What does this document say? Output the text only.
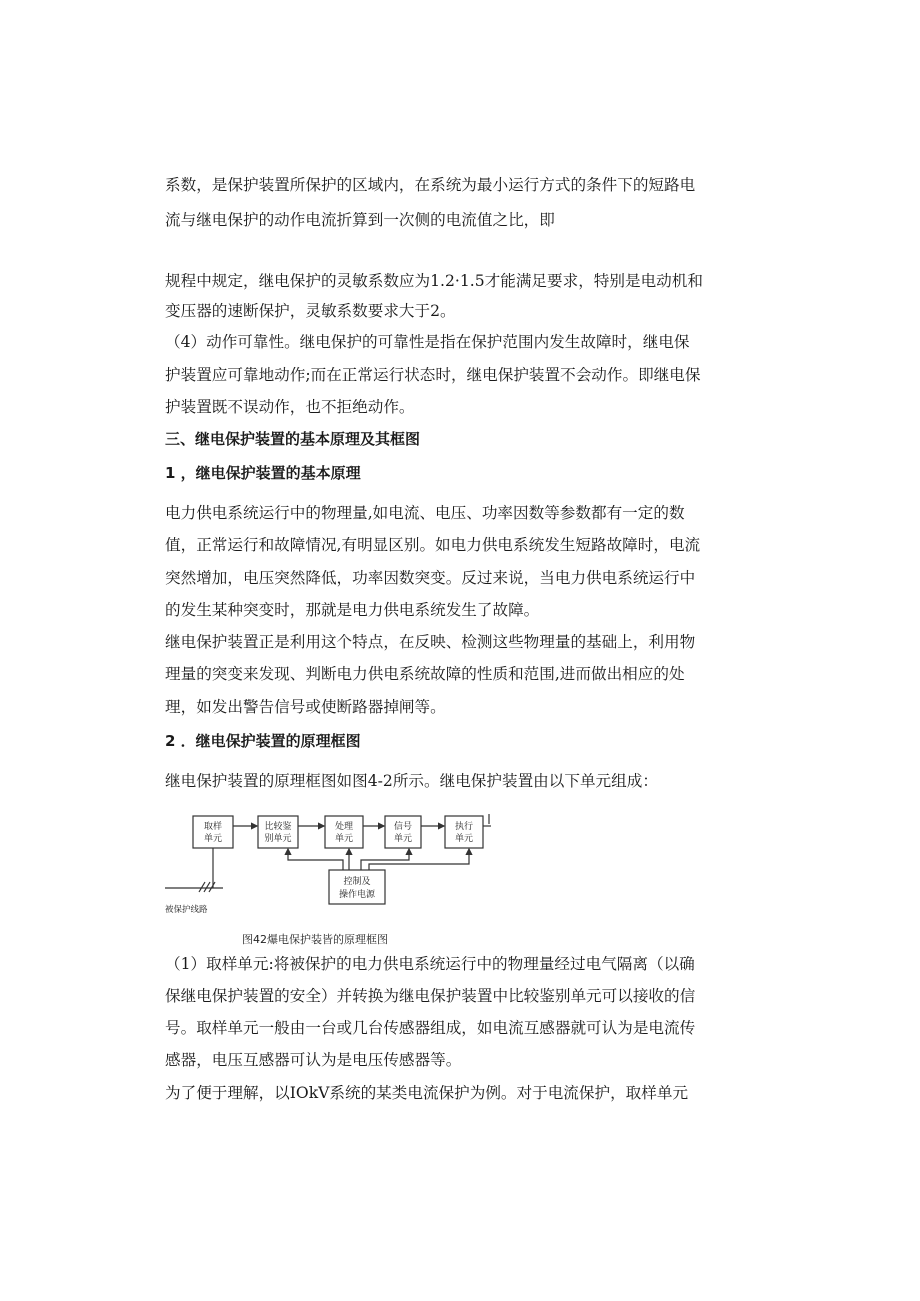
系数，是保护装置所保护的区域内，在系统为最小运行方式的条件下的短路电
流与继电保护的动作电流折算到一次侧的电流值之比，即
规程中规定，继电保护的灵敏系数应为1.2·1.5才能满足要求，特别是电动机和
变压器的速断保护，灵敏系数要求大于2。
（4）动作可靠性。继电保护的可靠性是指在保护范围内发生故障时，继电保
护装置应可靠地动作;而在正常运行状态时，继电保护装置不会动作。即继电保
护装置既不误动作，也不拒绝动作。
三、继电保护装置的基本原理及其框图
1 ，继电保护装置的基本原理
电力供电系统运行中的物理量,如电流、电压、功率因数等参数都有一定的数
值，正常运行和故障情况,有明显区别。如电力供电系统发生短路故障时，电流
突然增加，电压突然降低，功率因数突变。反过来说，当电力供电系统运行中
的发生某种突变时，那就是电力供电系统发生了故障。
继电保护装置正是利用这个特点，在反映、检测这些物理量的基础上，利用物
理量的突变来发现、判断电力供电系统故障的性质和范围,进而做出相应的处
理，如发出警告信号或使断路器掉闸等。
2 ．继电保护装置的原理框图
继电保护装置的原理框图如图4-2所示。继电保护装置由以下单元组成：
取样
单元
比较鉴
别单元
处理
单元
信号
单元
执行
单元
控制及
操作电源
被保护线路
图42爆电保护装皆的原理框图
（1）取样单元:将被保护的电力供电系统运行中的物理量经过电气隔离（以确
保继电保护装置的安全）并转换为继电保护装置中比较鉴别单元可以接收的信
号。取样单元一般由一台或几台传感器组成，如电流互感器就可认为是电流传
感器，电压互感器可认为是电压传感器等。
为了便于理解，以IOkV系统的某类电流保护为例。对于电流保护，取样单元
